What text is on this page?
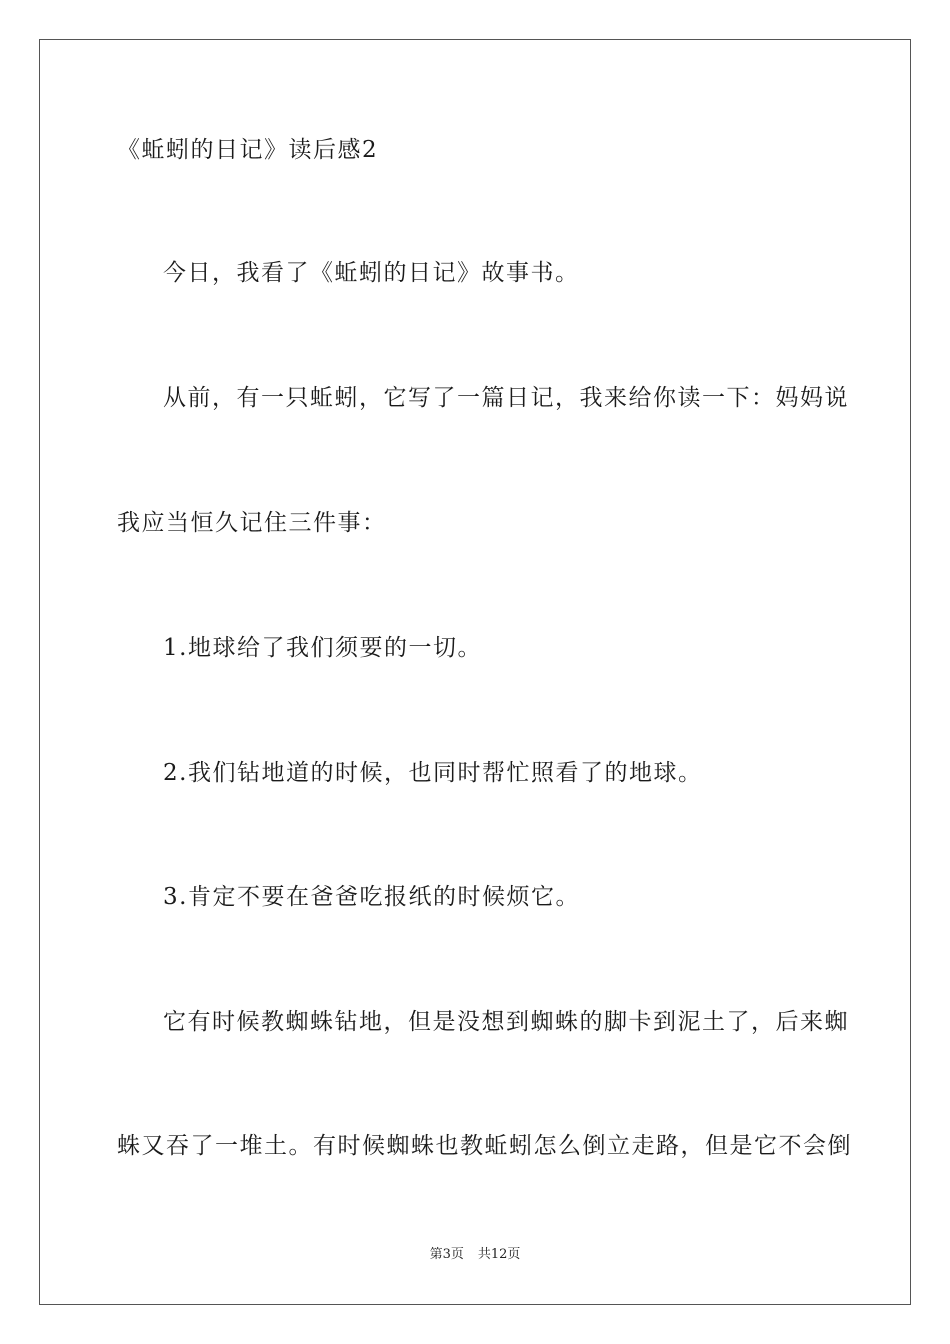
《蚯蚓的日记》读后感2
今日，我看了《蚯蚓的日记》故事书。
从前，有一只蚯蚓，它写了一篇日记，我来给你读一下：妈妈说
我应当恒久记住三件事：
1.地球给了我们须要的一切。
2.我们钻地道的时候，也同时帮忙照看了的地球。
3.肯定不要在爸爸吃报纸的时候烦它。
它有时候教蜘蛛钻地，但是没想到蜘蛛的脚卡到泥土了，后来蜘
蛛又吞了一堆土。有时候蜘蛛也教蚯蚓怎么倒立走路，但是它不会倒
第3页 共12页
